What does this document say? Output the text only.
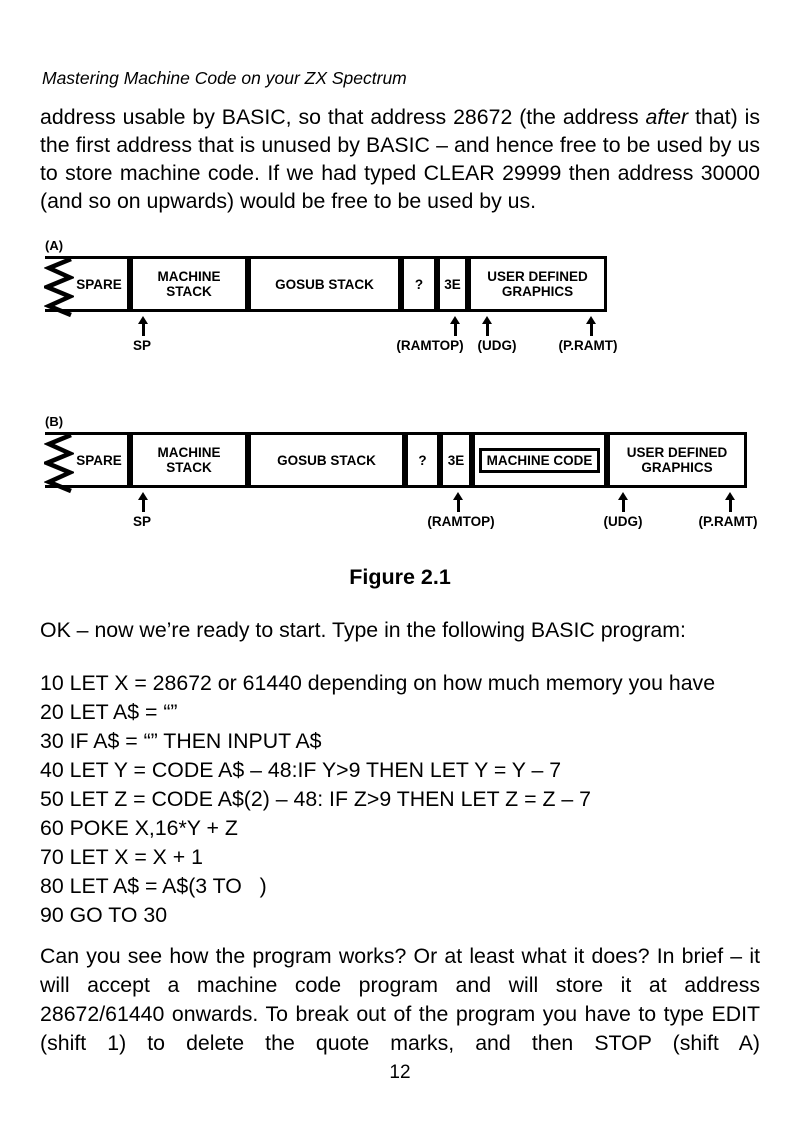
Mastering Machine Code on your ZX Spectrum

address usable by BASIC, so that address 28672 (the address after that) is the first address that is unused by BASIC – and hence free to be used by us to store machine code. If we had typed CLEAR 29999 then address 30000 (and so on upwards) would be free to be used by us.

(A)
SPARE	MACHINE STACK	GOSUB STACK	?	3E	USER DEFINED GRAPHICS
SP	(RAMTOP) (UDG)	(P.RAMT)
(B)
SPARE	MACHINE STACK	GOSUB STACK	?	3E	MACHINE CODE	USER DEFINED GRAPHICS
SP	(RAMTOP)	(UDG)	(P.RAMT)
Figure 2.1

OK – now we’re ready to start. Type in the following BASIC program:

10 LET X = 28672 or 61440 depending on how much memory you have
20 LET A$ = “”
30 IF A$ = “” THEN INPUT A$
40 LET Y = CODE A$ – 48:IF Y>9 THEN LET Y = Y – 7
50 LET Z = CODE A$(2) – 48: IF Z>9 THEN LET Z = Z – 7
60 POKE X,16*Y + Z
70 LET X = X + 1
80 LET A$ = A$(3 TO   )
90 GO TO 30

Can you see how the program works? Or at least what it does? In brief – it will accept a machine code program and will store it at address 28672/61440 onwards. To break out of the program you have to type EDIT (shift 1) to delete the quote marks, and then STOP (shift A)

12
